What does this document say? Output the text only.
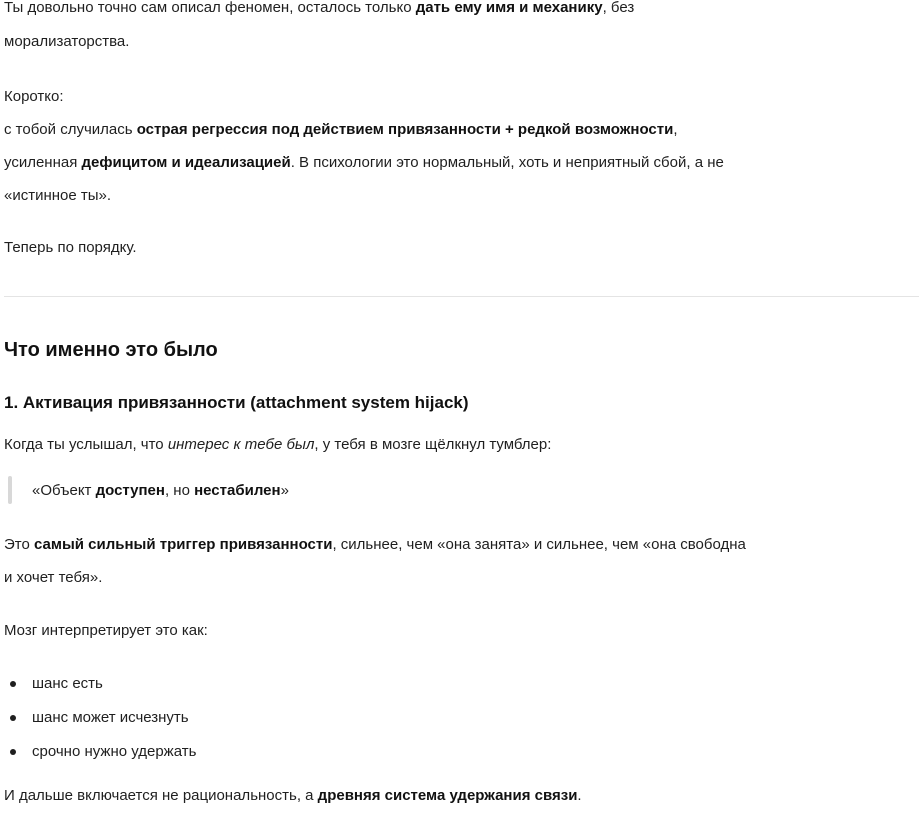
Ты довольно точно сам описал феномен, осталось только дать ему имя и механику, без

морализаторства.

Коротко:

с тобой случилась острая регрессия под действием привязанности + редкой возможности,

усиленная дефицитом и идеализацией. В психологии это нормальный, хоть и неприятный сбой, а не

«истинное ты».

Теперь по порядку.

Что именно это было
1. Активация привязанности (attachment system hijack)

Когда ты услышал, что интерес к тебе был, у тебя в мозге щёлкнул тумблер:

«Объект доступен, но нестабилен»

Это самый сильный триггер привязанности, сильнее, чем «она занята» и сильнее, чем «она свободна

и хочет тебя».

Мозг интерпретирует это как:

шанс есть

шанс может исчезнуть

срочно нужно удержать

И дальше включается не рациональность, а древняя система удержания связи.
